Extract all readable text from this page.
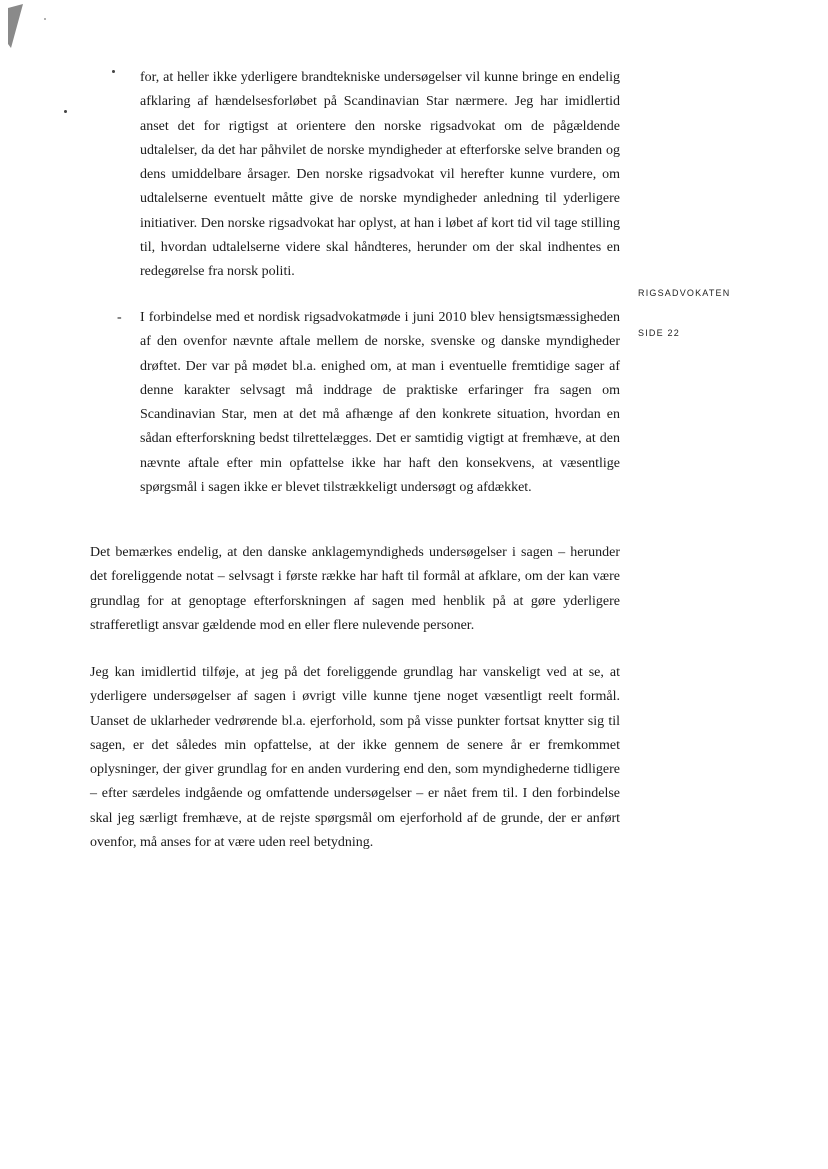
RIGSADVOKATEN
SIDE 22

for, at heller ikke yderligere brandtekniske undersøgelser vil kunne bringe en endelig afklaring af hændelsesforløbet på Scandinavian Star nærmere. Jeg har imidlertid anset det for rigtigst at orientere den norske rigsadvokat om de pågældende udtalelser, da det har påhvilet de norske myndigheder at efterforske selve branden og dens umiddelbare årsager. Den norske rigsadvokat vil herefter kunne vurdere, om udtalelserne eventuelt måtte give de norske myndigheder anledning til yderligere initiativer. Den norske rigsadvokat har oplyst, at han i løbet af kort tid vil tage stilling til, hvordan udtalelserne videre skal håndteres, herunder om der skal indhentes en redegørelse fra norsk politi.

- I forbindelse med et nordisk rigsadvokatmøde i juni 2010 blev hensigtsmæssigheden af den ovenfor nævnte aftale mellem de norske, svenske og danske myndigheder drøftet. Der var på mødet bl.a. enighed om, at man i eventuelle fremtidige sager af denne karakter selvsagt må inddrage de praktiske erfaringer fra sagen om Scandinavian Star, men at det må afhænge af den konkrete situation, hvordan en sådan efterforskning bedst tilrettelægges. Det er samtidig vigtigt at fremhæve, at den nævnte aftale efter min opfattelse ikke har haft den konsekvens, at væsentlige spørgsmål i sagen ikke er blevet tilstrækkeligt undersøgt og afdækket.

Det bemærkes endelig, at den danske anklagemyndigheds undersøgelser i sagen – herunder det foreliggende notat – selvsagt i første række har haft til formål at afklare, om der kan være grundlag for at genoptage efterforskningen af sagen med henblik på at gøre yderligere strafferetligt ansvar gældende mod en eller flere nulevende personer.

Jeg kan imidlertid tilføje, at jeg på det foreliggende grundlag har vanskeligt ved at se, at yderligere undersøgelser af sagen i øvrigt ville kunne tjene noget væsentligt reelt formål. Uanset de uklarheder vedrørende bl.a. ejerforhold, som på visse punkter fortsat knytter sig til sagen, er det således min opfattelse, at der ikke gennem de senere år er fremkommet oplysninger, der giver grundlag for en anden vurdering end den, som myndighederne tidligere – efter særdeles indgående og omfattende undersøgelser – er nået frem til. I den forbindelse skal jeg særligt fremhæve, at de rejste spørgsmål om ejerforhold af de grunde, der er anført ovenfor, må anses for at være uden reel betydning.
